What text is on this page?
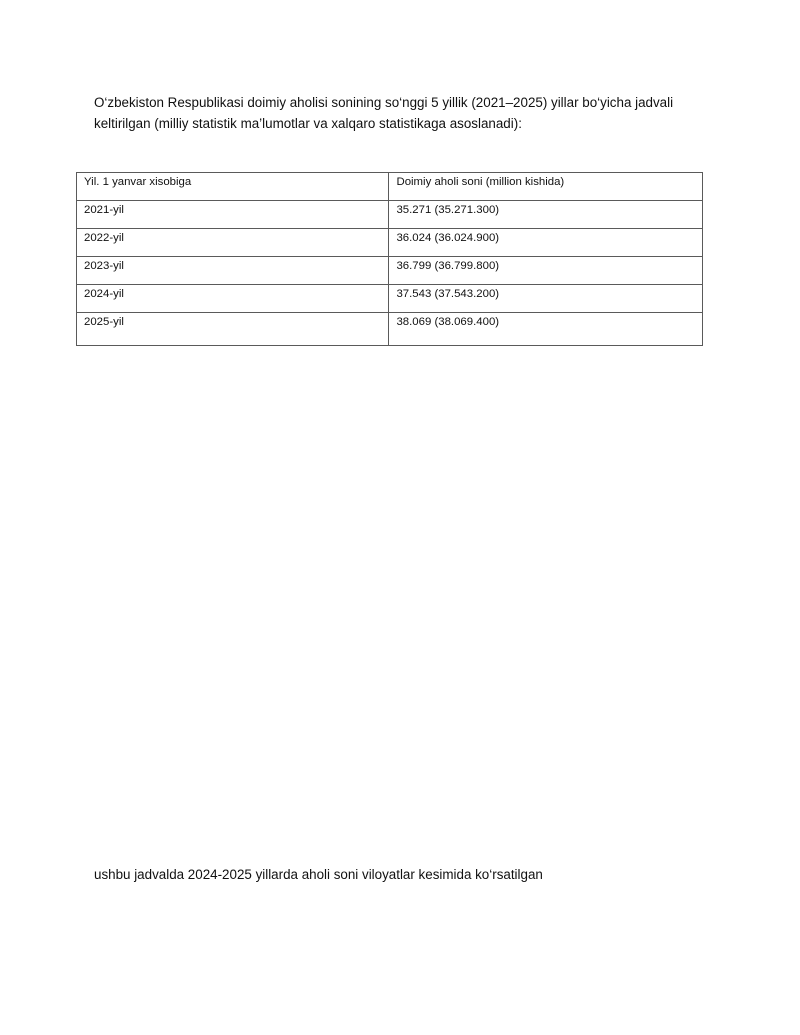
O‘zbekiston Respublikasi doimiy aholisi sonining so‘nggi 5 yillik (2021–2025) yillar bo‘yicha jadvali keltirilgan (milliy statistik ma’lumotlar va xalqaro statistikaga asoslanadi):

Yil. 1 yanvar xisobiga	Doimiy aholi soni (million kishida)
2021-yil	35.271 (35.271.300)
2022-yil	36.024 (36.024.900)
2023-yil	36.799 (36.799.800)
2024-yil	37.543 (37.543.200)
2025-yil	38.069 (38.069.400)

ushbu jadvalda 2024-2025 yillarda aholi soni viloyatlar kesimida ko‘rsatilgan
